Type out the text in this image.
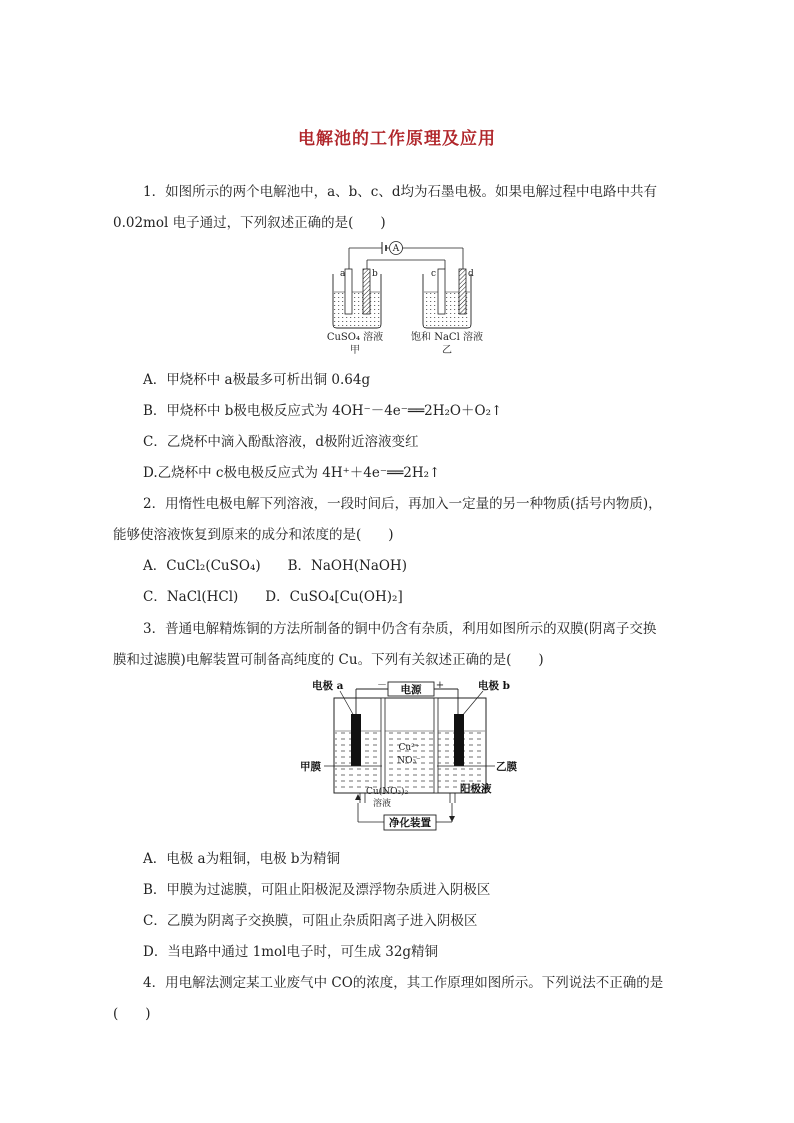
电解池的工作原理及应用
1．如图所示的两个电解池中，a、b、c、d均为石墨电极。如果电解过程中电路中共有
0.02mol 电子通过，下列叙述正确的是(　　)
A
a	b	c	d
CuSO₄ 溶液
甲
饱和 NaCl 溶液
乙
A．甲烧杯中 a极最多可析出铜 0.64g
B．甲烧杯中 b极电极反应式为 4OH⁻－4e⁻══2H₂O＋O₂↑
C．乙烧杯中滴入酚酞溶液，d极附近溶液变红
D.乙烧杯中 c极电极反应式为 4H⁺＋4e⁻══2H₂↑
2．用惰性电极电解下列溶液，一段时间后，再加入一定量的另一种物质(括号内物质)，
能够使溶液恢复到原来的成分和浓度的是(　　)
A．CuCl₂(CuSO₄)　　B．NaOH(NaOH)
C．NaCl(HCl)　　D．CuSO₄[Cu(OH)₂]
3．普通电解精炼铜的方法所制备的铜中仍含有杂质，利用如图所示的双膜(阴离子交换
膜和过滤膜)电解装置可制备高纯度的 Cu。下列有关叙述正确的是(　　)
电源
－	+
电极 a	电极 b
Cu²⁺
NO₃⁻
甲膜	乙膜
Cu(NO₃)₂
溶液
阳极液
净化装置
A．电极 a为粗铜，电极 b为精铜
B．甲膜为过滤膜，可阻止阳极泥及漂浮物杂质进入阴极区
C．乙膜为阴离子交换膜，可阻止杂质阳离子进入阴极区
D．当电路中通过 1mol电子时，可生成 32g精铜
4．用电解法测定某工业废气中 CO的浓度，其工作原理如图所示。下列说法不正确的是
(　　)
